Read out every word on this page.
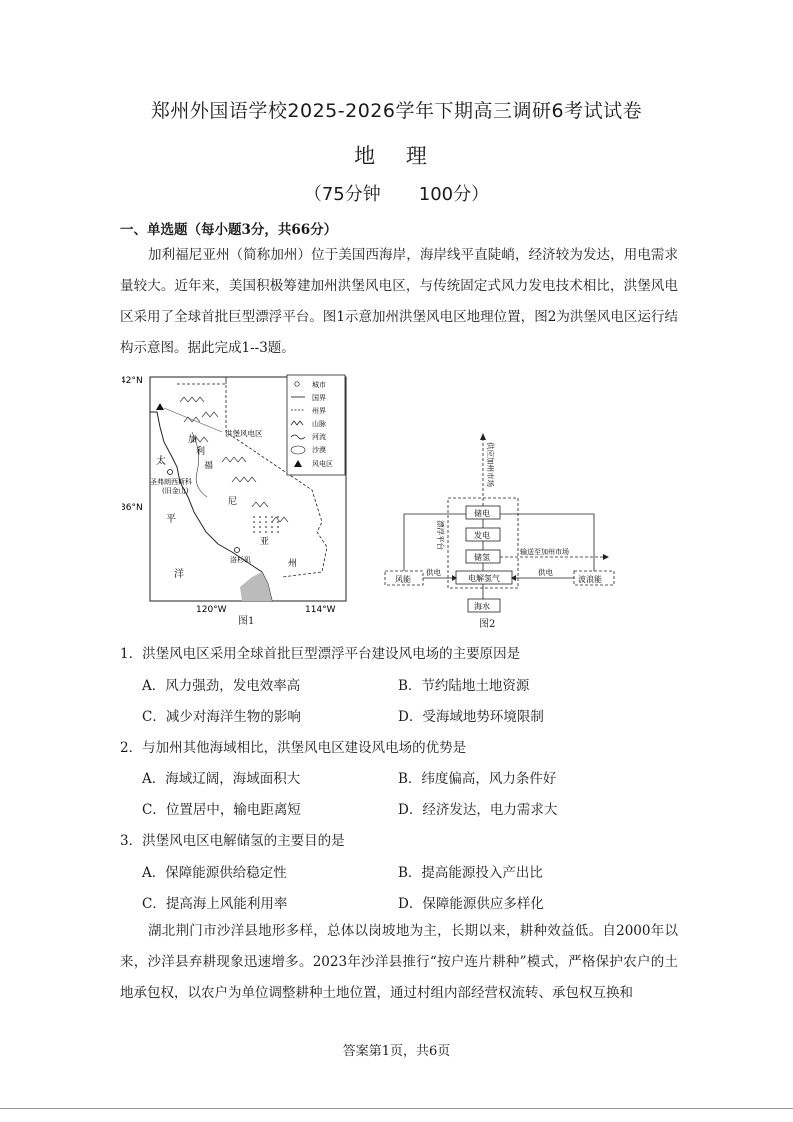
郑州外国语学校2025-2026学年下期高三调研6考试试卷
地 理
（75分钟 100分）
一、单选题（每小题3分，共66分）
加利福尼亚州（简称加州）位于美国西海岸，海岸线平直陡峭，经济较为发达，用电需求量较大。近年来，美国积极筹建加州洪堡风电区，与传统固定式风力发电技术相比，洪堡风电区采用了全球首批巨型漂浮平台。图1示意加州洪堡风电区地理位置，图2为洪堡风电区运行结构示意图。据此完成1--3题。
42°N
36°N
120°W	114°W
洪堡风电区
圣弗朗西斯科
(旧金山)
洛杉矶
太
平
洋
加
利
福
尼
亚
州
城市
国界
州界
山脉
河流
沙漠
风电区
图1
储电
发电
储氢
电解氢气
海水
风能	波浪能
供电	供电
输送至加州市场
供应加州市场
漂浮平台
图2
1．洪堡风电区采用全球首批巨型漂浮平台建设风电场的主要原因是
A．风力强劲，发电效率高	B．节约陆地土地资源
C．减少对海洋生物的影响	D．受海域地势环境限制
2．与加州其他海域相比，洪堡风电区建设风电场的优势是
A．海域辽阔，海域面积大	B．纬度偏高，风力条件好
C．位置居中，输电距离短	D．经济发达，电力需求大
3．洪堡风电区电解储氢的主要目的是
A．保障能源供给稳定性	B．提高能源投入产出比
C．提高海上风能利用率	D．保障能源供应多样化
湖北荆门市沙洋县地形多样，总体以岗坡地为主，长期以来，耕种效益低。自2000年以来，沙洋县弃耕现象迅速增多。2023年沙洋县推行“按户连片耕种”模式，严格保护农户的土地承包权，以农户为单位调整耕种土地位置，通过村组内部经营权流转、承包权互换和
答案第1页，共6页
